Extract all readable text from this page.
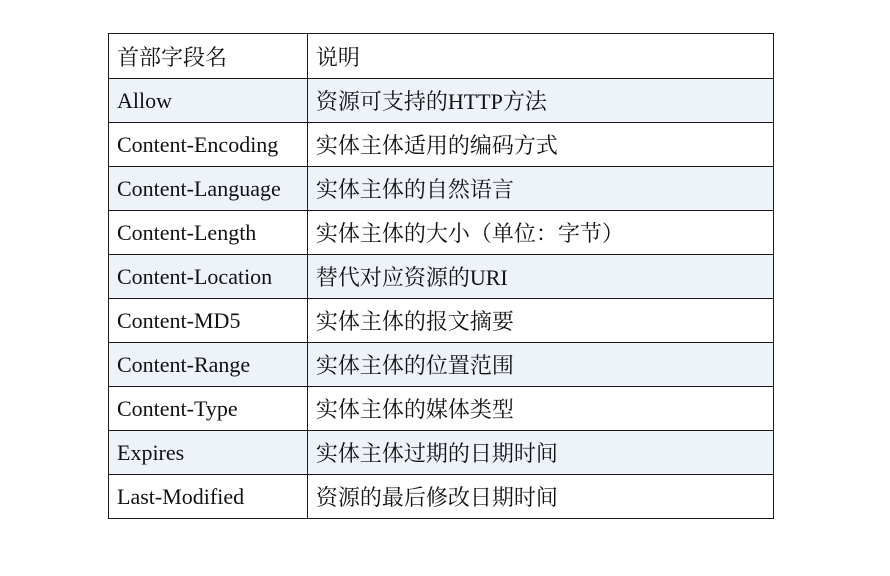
首部字段名	说明
Allow	资源可支持的HTTP方法
Content-Encoding	实体主体适用的编码方式
Content-Language	实体主体的自然语言
Content-Length	实体主体的大小（单位：字节）
Content-Location	替代对应资源的URI
Content-MD5	实体主体的报文摘要
Content-Range	实体主体的位置范围
Content-Type	实体主体的媒体类型
Expires	实体主体过期的日期时间
Last-Modified	资源的最后修改日期时间
